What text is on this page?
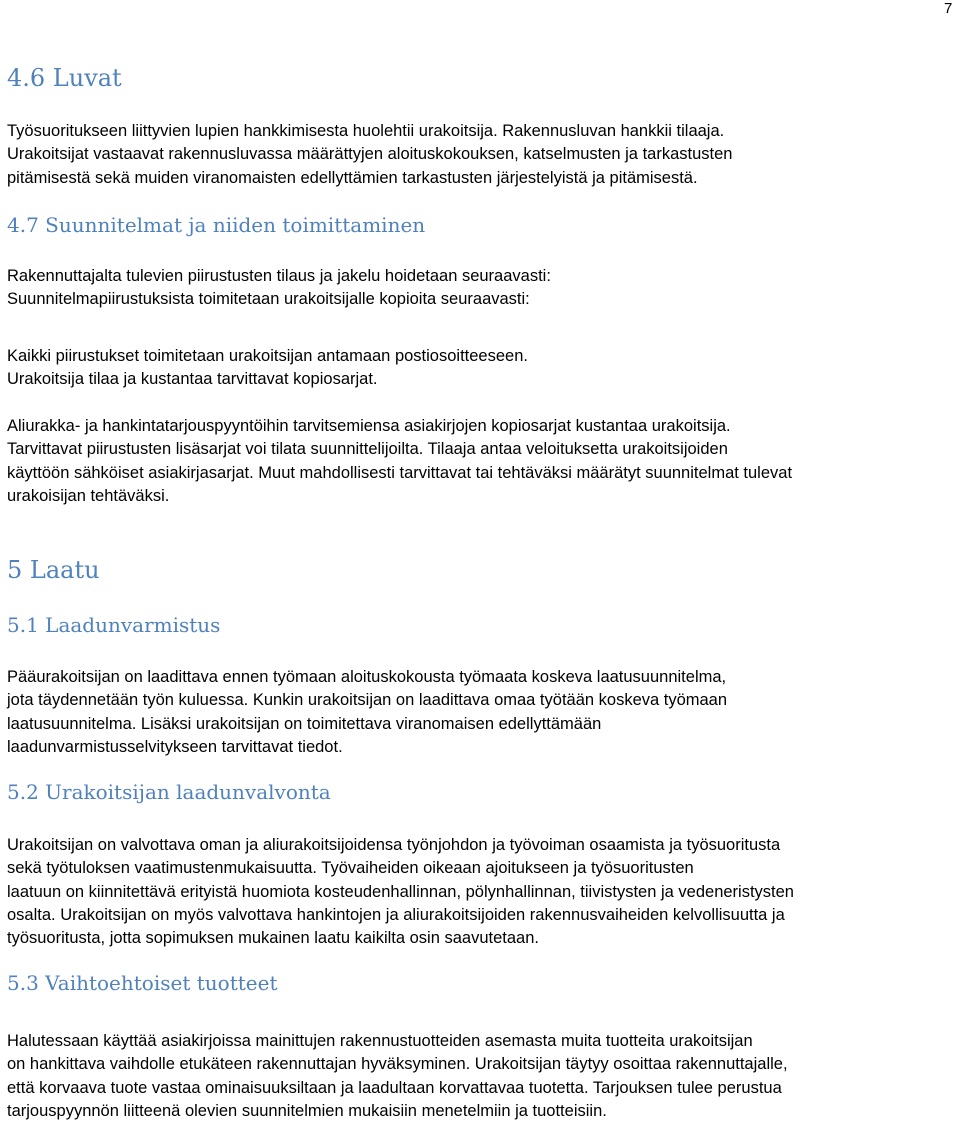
7
4.6 Luvat

Työsuoritukseen liittyvien lupien hankkimisesta huolehtii urakoitsija. Rakennusluvan hankkii tilaaja.
Urakoitsijat vastaavat rakennusluvassa määrättyjen aloituskokouksen, katselmusten ja tarkastusten
pitämisestä sekä muiden viranomaisten edellyttämien tarkastusten järjestelyistä ja pitämisestä.

4.7 Suunnitelmat ja niiden toimittaminen

Rakennuttajalta tulevien piirustusten tilaus ja jakelu hoidetaan seuraavasti:
Suunnitelmapiirustuksista toimitetaan urakoitsijalle kopioita seuraavasti:

Kaikki piirustukset toimitetaan urakoitsijan antamaan postiosoitteeseen.
Urakoitsija tilaa ja kustantaa tarvittavat kopiosarjat.

Aliurakka- ja hankintatarjouspyyntöihin tarvitsemiensa asiakirjojen kopiosarjat kustantaa urakoitsija.
Tarvittavat piirustusten lisäsarjat voi tilata suunnittelijoilta. Tilaaja antaa veloituksetta urakoitsijoiden
käyttöön sähköiset asiakirjasarjat. Muut mahdollisesti tarvittavat tai tehtäväksi määrätyt suunnitelmat tulevat
urakoisijan tehtäväksi.

5 Laatu
5.1 Laadunvarmistus

Pääurakoitsijan on laadittava ennen työmaan aloituskokousta työmaata koskeva laatusuunnitelma,
jota täydennetään työn kuluessa. Kunkin urakoitsijan on laadittava omaa työtään koskeva työmaan
laatusuunnitelma. Lisäksi urakoitsijan on toimitettava viranomaisen edellyttämään
laadunvarmistusselvitykseen tarvittavat tiedot.

5.2 Urakoitsijan laadunvalvonta

Urakoitsijan on valvottava oman ja aliurakoitsijoidensa työnjohdon ja työvoiman osaamista ja työsuoritusta
sekä työtuloksen vaatimustenmukaisuutta. Työvaiheiden oikeaan ajoitukseen ja työsuoritusten
laatuun on kiinnitettävä erityistä huomiota kosteudenhallinnan, pölynhallinnan, tiivistysten ja vedeneristysten
osalta. Urakoitsijan on myös valvottava hankintojen ja aliurakoitsijoiden rakennusvaiheiden kelvollisuutta ja
työsuoritusta, jotta sopimuksen mukainen laatu kaikilta osin saavutetaan.

5.3 Vaihtoehtoiset tuotteet

Halutessaan käyttää asiakirjoissa mainittujen rakennustuotteiden asemasta muita tuotteita urakoitsijan
on hankittava vaihdolle etukäteen rakennuttajan hyväksyminen. Urakoitsijan täytyy osoittaa rakennuttajalle,
että korvaava tuote vastaa ominaisuuksiltaan ja laadultaan korvattavaa tuotetta. Tarjouksen tulee perustua
tarjouspyynnön liitteenä olevien suunnitelmien mukaisiin menetelmiin ja tuotteisiin.
